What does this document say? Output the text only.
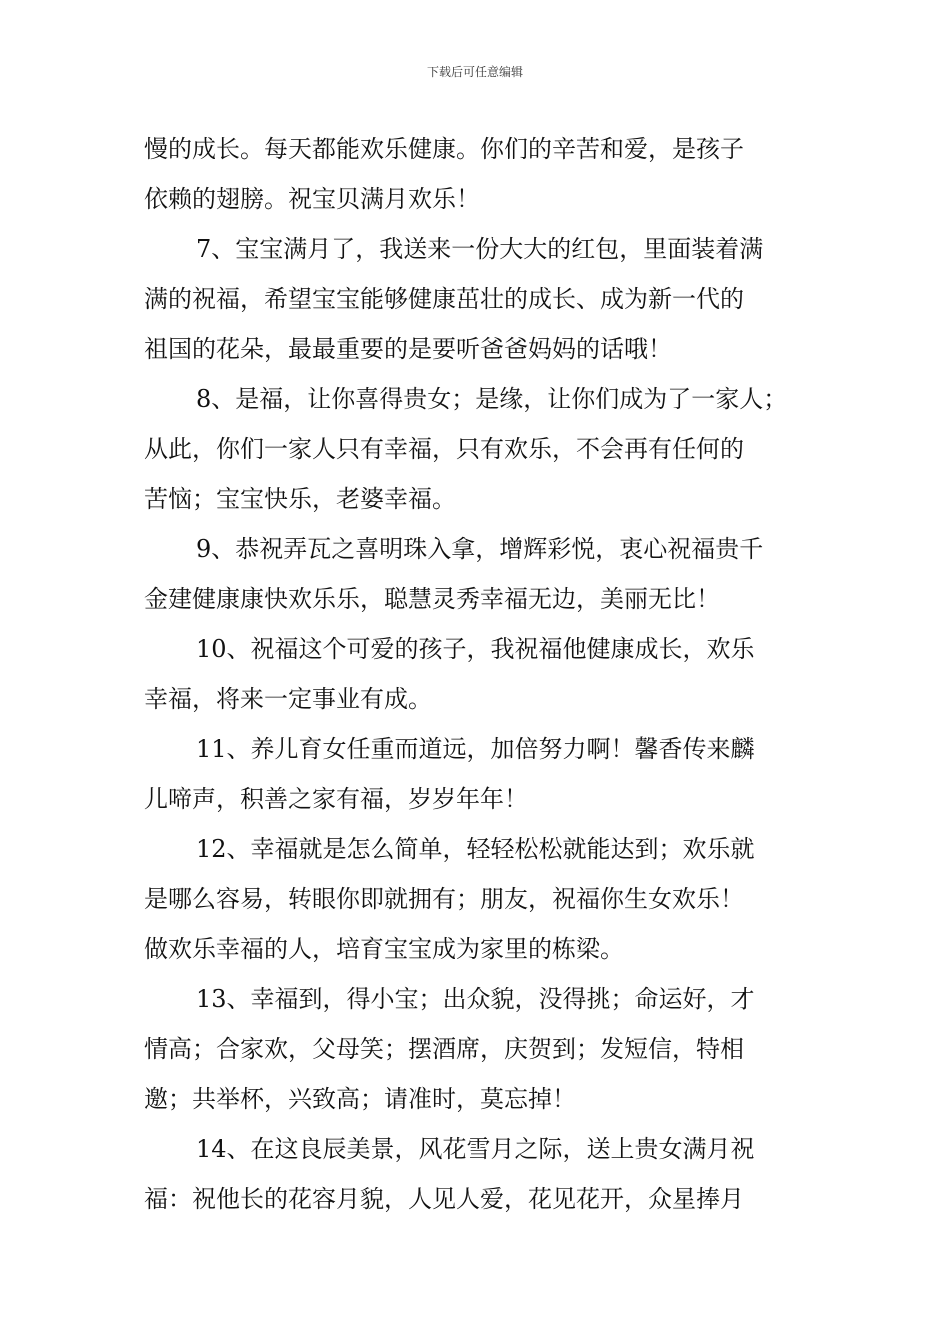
下载后可任意编辑
慢的成长。每天都能欢乐健康。你们的辛苦和爱，是孩子
依赖的翅膀。祝宝贝满月欢乐！
7、宝宝满月了，我送来一份大大的红包，里面装着满
满的祝福，希望宝宝能够健康茁壮的成长、成为新一代的
祖国的花朵，最最重要的是要听爸爸妈妈的话哦！
8、是福，让你喜得贵女；是缘，让你们成为了一家人；
从此，你们一家人只有幸福，只有欢乐，不会再有任何的
苦恼；宝宝快乐，老婆幸福。
9、恭祝弄瓦之喜明珠入拿，增辉彩悦，衷心祝福贵千
金建健康康快欢乐乐，聪慧灵秀幸福无边，美丽无比！
10、祝福这个可爱的孩子，我祝福他健康成长，欢乐
幸福，将来一定事业有成。
11、养儿育女任重而道远，加倍努力啊！馨香传来麟
儿啼声，积善之家有福，岁岁年年！
12、幸福就是怎么简单，轻轻松松就能达到；欢乐就
是哪么容易，转眼你即就拥有；朋友，祝福你生女欢乐！
做欢乐幸福的人，培育宝宝成为家里的栋梁。
13、幸福到，得小宝；出众貌，没得挑；命运好，才
情高；合家欢，父母笑；摆酒席，庆贺到；发短信，特相
邀；共举杯，兴致高；请准时，莫忘掉！
14、在这良辰美景，风花雪月之际，送上贵女满月祝
福：祝他长的花容月貌，人见人爱，花见花开，众星捧月
